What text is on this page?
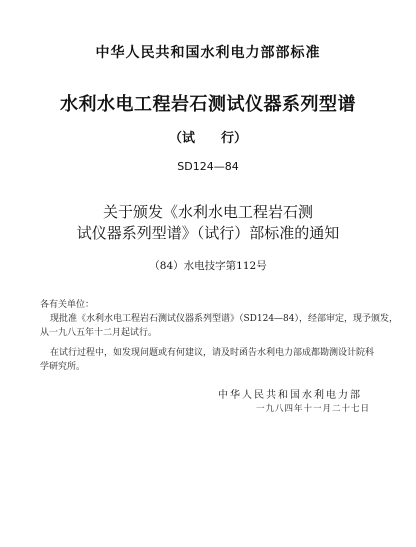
中华人民共和国水利电力部部标准
水利水电工程岩石测试仪器系列型谱
（试　　行）
SD124—84
关于颁发《水利水电工程岩石测
试仪器系列型谱》（试行）部标准的通知
（84）水电技字第112号
各有关单位：
现批准《水利水电工程岩石测试仪器系列型谱》（SD124—84），经部审定，现予颁发，
从一九八五年十二月起试行。
在试行过程中，如发现问题或有何建议，请及时函告水利电力部成都勘测设计院科
学研究所。
中华人民共和国水利电力部
一九八四年十一月二十七日
